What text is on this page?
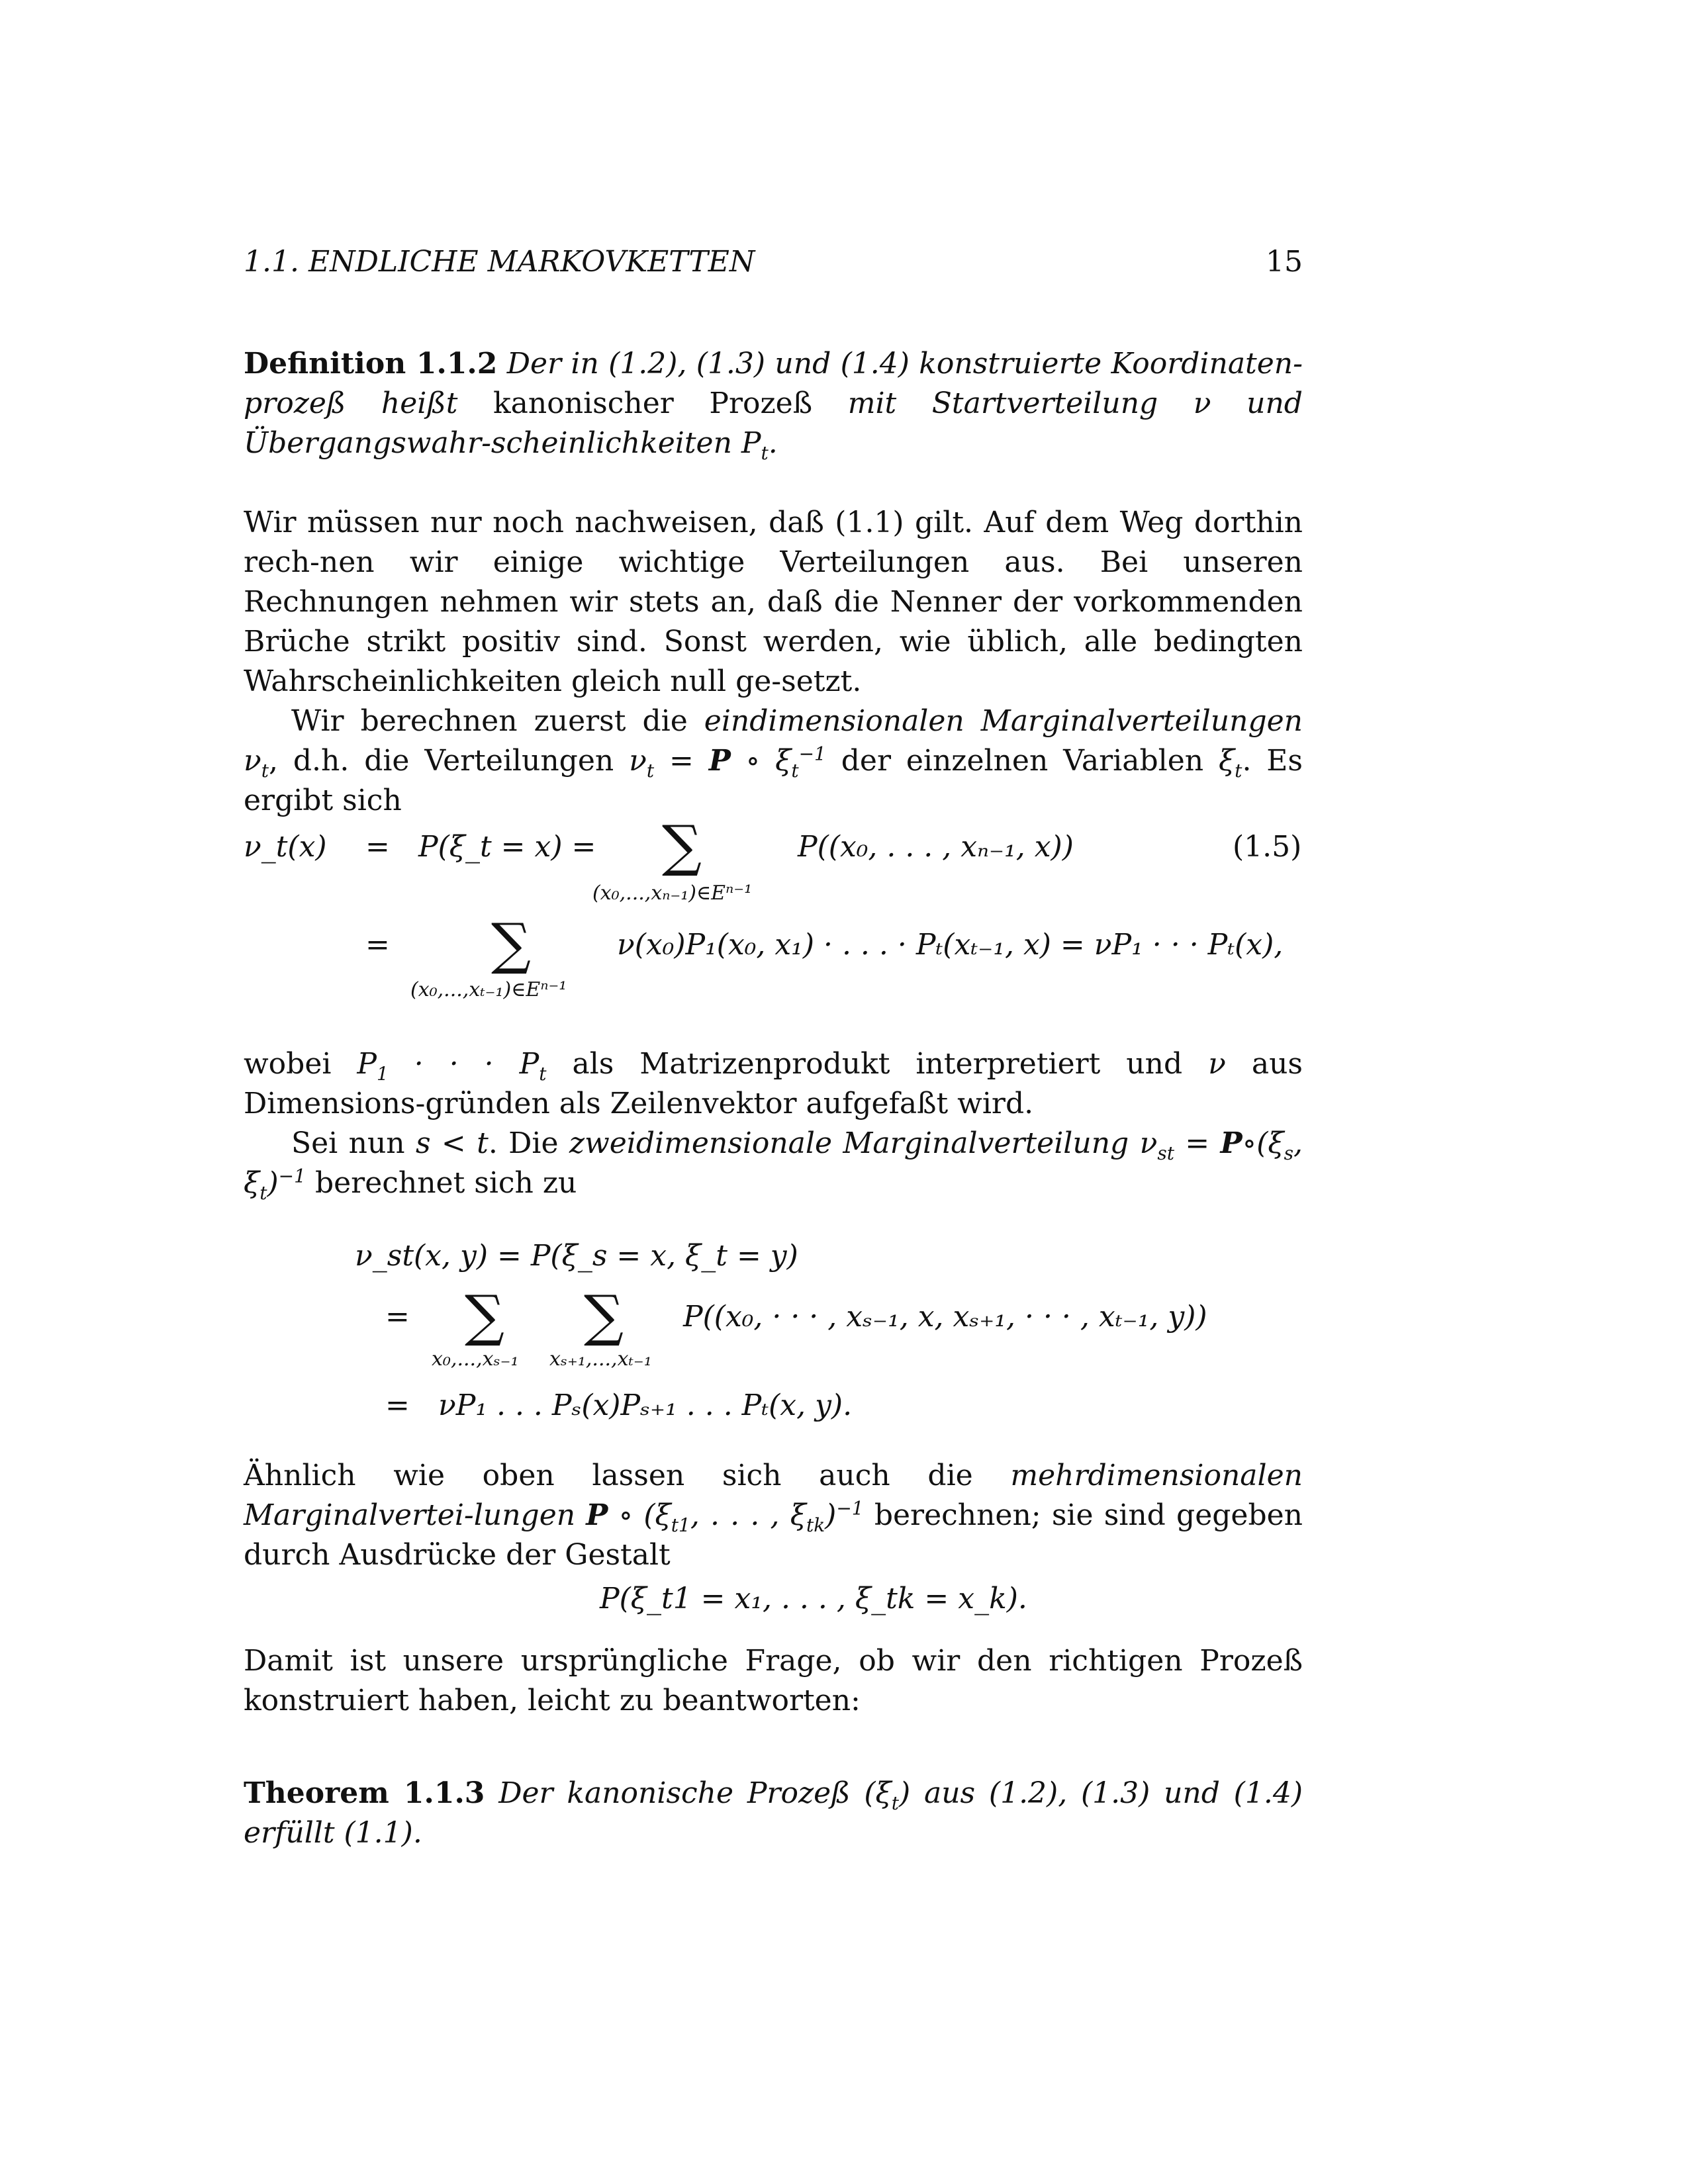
1.1. ENDLICHE MARKOVKETTEN	15
Definition 1.1.2 Der in (1.2), (1.3) und (1.4) konstruierte Koordinaten-prozeß heißt kanonischer Prozeß mit Startverteilung ν und Übergangswahr-scheinlichkeiten $P_t$.
Wir müssen nur noch nachweisen, daß (1.1) gilt. Auf dem Weg dorthin rech-nen wir einige wichtige Verteilungen aus. Bei unseren Rechnungen nehmen wir stets an, daß die Nenner der vorkommenden Brüche strikt positiv sind. Sonst werden, wie üblich, alle bedingten Wahrscheinlichkeiten gleich null ge-setzt.
Wir berechnen zuerst die eindimensionalen Marginalverteilungen $\nu_t$, d.h. die Verteilungen $\nu_t = P$ ∘ $\xi_t^{-1}$ der einzelnen Variablen $\xi_t$. Es ergibt sich
ν_t(x) = P(ξ_t = x) = ∑
(x₀,...,xₙ₋₁)∈Eⁿ⁻¹
P((x₀, . . . , xₙ₋₁, x))	(1.5)
= ∑
(x₀,...,xₜ₋₁)∈Eⁿ⁻¹
ν(x₀)P₁(x₀, x₁) · . . . · Pₜ(xₜ₋₁, x) = νP₁ · · · Pₜ(x),
wobei $P_1$ · · · $P_t$ als Matrizenprodukt interpretiert und ν aus Dimensions-gründen als Zeilenvektor aufgefaßt wird.
Sei nun s < t. Die zweidimensionale Marginalverteilung $\nu_{st}$ = $P\circ(\xi_s$, $\xi_t)^{-1}$ berechnet sich zu
ν_st(x, y) = P(ξ_s = x, ξ_t = y)
= ∑ ∑
x₀,...,xₛ₋₁ xₛ₊₁,...,xₜ₋₁
P((x₀, · · · , xₛ₋₁, x, xₛ₊₁, · · · , xₜ₋₁, y))
= νP₁ . . . Pₛ(x)Pₛ₊₁ . . . Pₜ(x, y).
Ähnlich wie oben lassen sich auch die mehrdimensionalen Marginalvertei-lungen P ∘ ($\xi_{t1}$, . . . , $\xi_{tk})^{-1}$ berechnen; sie sind gegeben durch Ausdrücke der Gestalt
P(ξ_t1 = x₁, . . . , ξ_tk = x_k).
Damit ist unsere ursprüngliche Frage, ob wir den richtigen Prozeß konstruiert haben, leicht zu beantworten:
Theorem 1.1.3 Der kanonische Prozeß $(\xi_t)$ aus (1.2), (1.3) und (1.4) erfüllt (1.1).
